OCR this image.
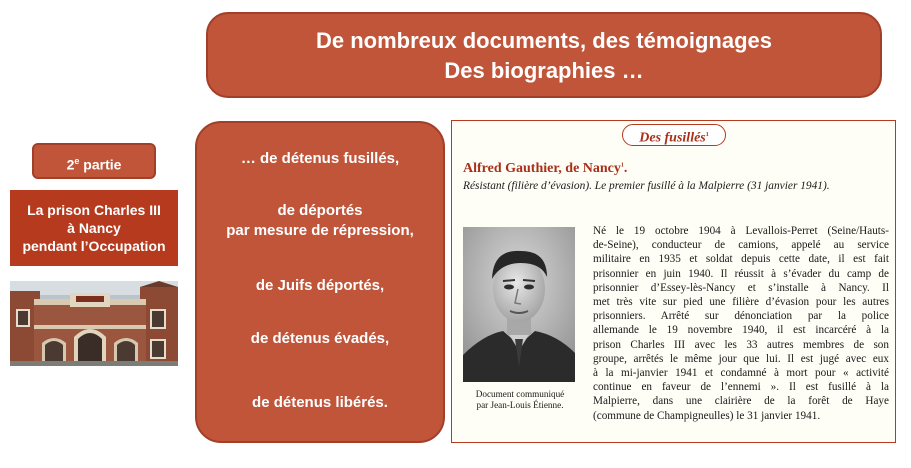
De nombreux documents, des témoignages
Des biographies …
2e partie
La prison Charles III
à Nancy
pendant l’Occupation
… de détenus fusillés,
de déportés
par mesure de répression,
de Juifs déportés,
de détenus évadés,
de détenus libérés.
Des fusillés$^1$
Alfred Gauthier, de Nancy$^1$.
Résistant (filière d’évasion). Le premier fusillé à la Malpierre (31 janvier 1941).
Document communiqué
par Jean-Louis Étienne.
Né le 19 octobre 1904 à Levallois-Perret (Seine/Hauts-
de-Seine), conducteur de camions, appelé au service
militaire en 1935 et soldat depuis cette date, il est fait
prisonnier en juin 1940. Il réussit à s’évader du camp de
prisonnier d’Essey-lès-Nancy et s’installe à Nancy. Il
met très vite sur pied une filière d’évasion pour les autres
prisonniers. Arrêté sur dénonciation par la police
allemande le 19 novembre 1940, il est incarcéré à la
prison Charles III avec les 33 autres membres de son
groupe, arrêtés le même jour que lui. Il est jugé avec eux
à la mi-janvier 1941 et condamné à mort pour « activité
continue en faveur de l’ennemi ». Il est fusillé à la
Malpierre, dans une clairière de la forêt de Haye
(commune de Champigneulles) le 31 janvier 1941.
